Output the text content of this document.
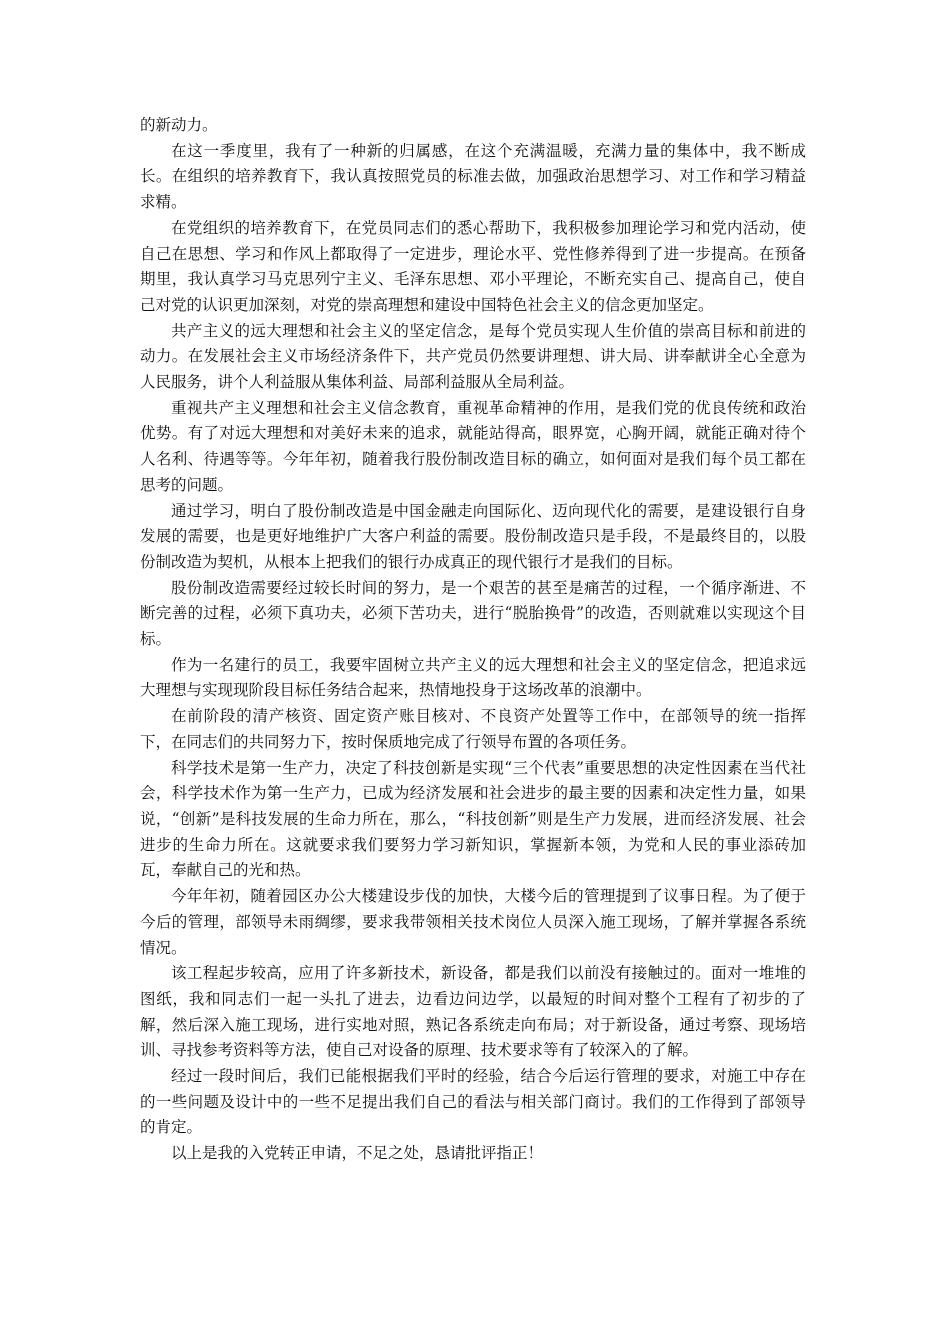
的新动力。

在这一季度里，我有了一种新的归属感，在这个充满温暖，充满力量的集体中，我不断成长。在组织的培养教育下，我认真按照党员的标准去做，加强政治思想学习、对工作和学习精益求精。

在党组织的培养教育下，在党员同志们的悉心帮助下，我积极参加理论学习和党内活动，使自己在思想、学习和作风上都取得了一定进步，理论水平、党性修养得到了进一步提高。在预备期里，我认真学习马克思列宁主义、毛泽东思想、邓小平理论，不断充实自己、提高自己，使自己对党的认识更加深刻，对党的崇高理想和建设中国特色社会主义的信念更加坚定。

共产主义的远大理想和社会主义的坚定信念，是每个党员实现人生价值的崇高目标和前进的动力。在发展社会主义市场经济条件下，共产党员仍然要讲理想、讲大局、讲奉献讲全心全意为人民服务，讲个人利益服从集体利益、局部利益服从全局利益。

重视共产主义理想和社会主义信念教育，重视革命精神的作用，是我们党的优良传统和政治优势。有了对远大理想和对美好未来的追求，就能站得高，眼界宽，心胸开阔，就能正确对待个人名利、待遇等等。今年年初，随着我行股份制改造目标的确立，如何面对是我们每个员工都在思考的问题。

通过学习，明白了股份制改造是中国金融走向国际化、迈向现代化的需要，是建设银行自身发展的需要，也是更好地维护广大客户利益的需要。股份制改造只是手段，不是最终目的，以股份制改造为契机，从根本上把我们的银行办成真正的现代银行才是我们的目标。

股份制改造需要经过较长时间的努力，是一个艰苦的甚至是痛苦的过程，一个循序渐进、不断完善的过程，必须下真功夫，必须下苦功夫，进行“脱胎换骨”的改造，否则就难以实现这个目标。

作为一名建行的员工，我要牢固树立共产主义的远大理想和社会主义的坚定信念，把追求远大理想与实现现阶段目标任务结合起来，热情地投身于这场改革的浪潮中。

在前阶段的清产核资、固定资产账目核对、不良资产处置等工作中，在部领导的统一指挥下，在同志们的共同努力下，按时保质地完成了行领导布置的各项任务。

科学技术是第一生产力，决定了科技创新是实现“三个代表”重要思想的决定性因素在当代社会，科学技术作为第一生产力，已成为经济发展和社会进步的最主要的因素和决定性力量，如果说，“创新”是科技发展的生命力所在，那么，“科技创新”则是生产力发展，进而经济发展、社会进步的生命力所在。这就要求我们要努力学习新知识，掌握新本领，为党和人民的事业添砖加瓦，奉献自己的光和热。

今年年初，随着园区办公大楼建设步伐的加快，大楼今后的管理提到了议事日程。为了便于今后的管理，部领导未雨绸缪，要求我带领相关技术岗位人员深入施工现场，了解并掌握各系统情况。

该工程起步较高，应用了许多新技术，新设备，都是我们以前没有接触过的。面对一堆堆的图纸，我和同志们一起一头扎了进去，边看边问边学，以最短的时间对整个工程有了初步的了解，然后深入施工现场，进行实地对照，熟记各系统走向布局；对于新设备，通过考察、现场培训、寻找参考资料等方法，使自己对设备的原理、技术要求等有了较深入的了解。

经过一段时间后，我们已能根据我们平时的经验，结合今后运行管理的要求，对施工中存在的一些问题及设计中的一些不足提出我们自己的看法与相关部门商讨。我们的工作得到了部领导的肯定。

以上是我的入党转正申请，不足之处，恳请批评指正！
